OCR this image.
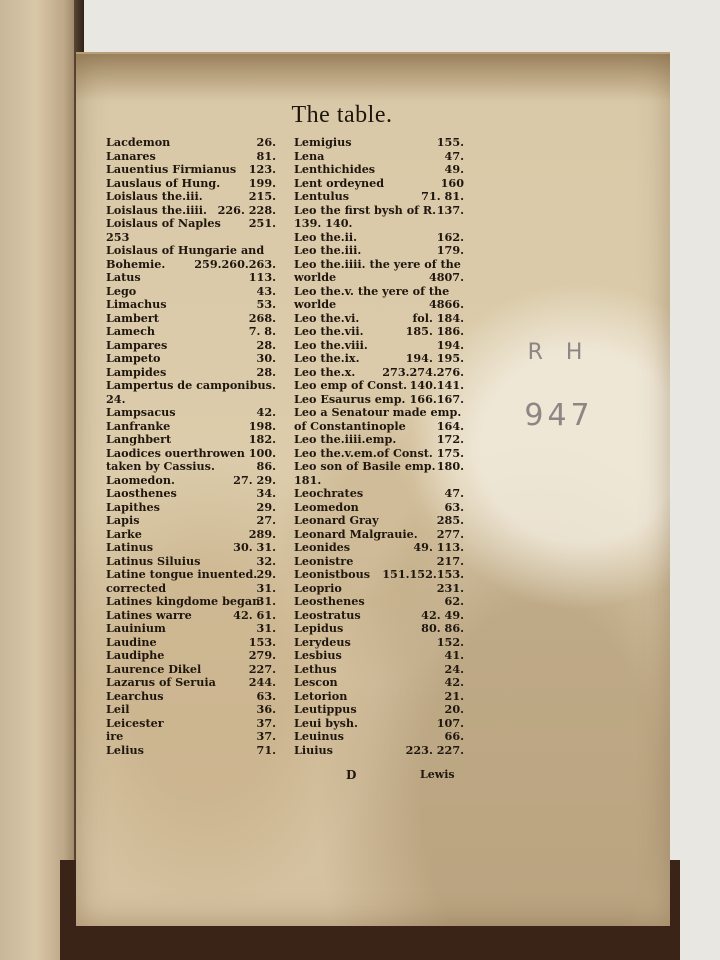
The table.
Lacdemon	26.
Lanares	81.
Lauentius Firmianus 123.
Lauslaus of Hung.	199.
Loislaus the.iii.	215.
Loislaus the.iiii. 226. 228.
Loislaus of Naples 251.
253
Loislaus of Hungarie and
Bohemie.	259.260.263.
Latus	113.
Lego	43.
Limachus	53.
Lambert	268.
Lamech	7. 8.
Lampares	28.
Lampeto	30.
Lampides	28.
Lampertus de camponibus.
24.
Lampsacus	42.
Lanfranke	198.
Langhbert	182.
Laodices ouerthrowen 100.
taken by Cassius.	86.
Laomedon.	27. 29.
Laosthenes	34.
Lapithes	29.
Lapis	27.
Larke	289.
Latinus	30. 31.
Latinus Siluius	32.
Latine tongue inuented. 29.
corrected	31.
Latines kingdome began
31.
Latines warre	42. 61.
Lauinium	31.
Laudine	153.
Laudiphe	279.
Laurence Dikel	227.
Lazarus of Seruia	244.
Learchus	63.
Leil	36.
Leicester	37.
ire	37.
Lelius	71.
Lemigius	155.
Lena	47.
Lenthichides	49.
Lent ordeyned	160
Lentulus	71. 81.
Leo the first bysh of R. 137.
139. 140.
Leo the.ii.	162.
Leo the.iii.	179.
Leo the.iiii. the yere of the
worlde	4807.
Leo the.v. the yere of the
worlde	4866.
Leo the.vi.	fol. 184.
Leo the.vii.	185. 186.
Leo the.viii.	194.
Leo the.ix.	194. 195.
Leo the.x. 273.274.276.
Leo emp of Const. 140.141.
Leo Esaurus emp. 166.167.
Leo a Senatour made emp.
of Constantinople	164.
Leo the.iiii.emp.	172.
Leo the.v.em.of Const. 175.
Leo son of Basile emp. 180.
181.
Leochrates	47.
Leomedon	63.
Leonard Gray	285.
Leonard Malgrauie. 277.
Leonides	49. 113.
Leonistre	217.
Leonistbous 151.152.153.
Leoprio	231.
Leosthenes	62.
Leostratus	42. 49.
Lepidus	80. 86.
Lerydeus	152.
Lesbius	41.
Lethus	24.
Lescon	42.
Letorion	21.
Leutippus	20.
Leui bysh.	107.
Leuinus	66.
Liuius	223. 227.
D	Lewis
R H
947
